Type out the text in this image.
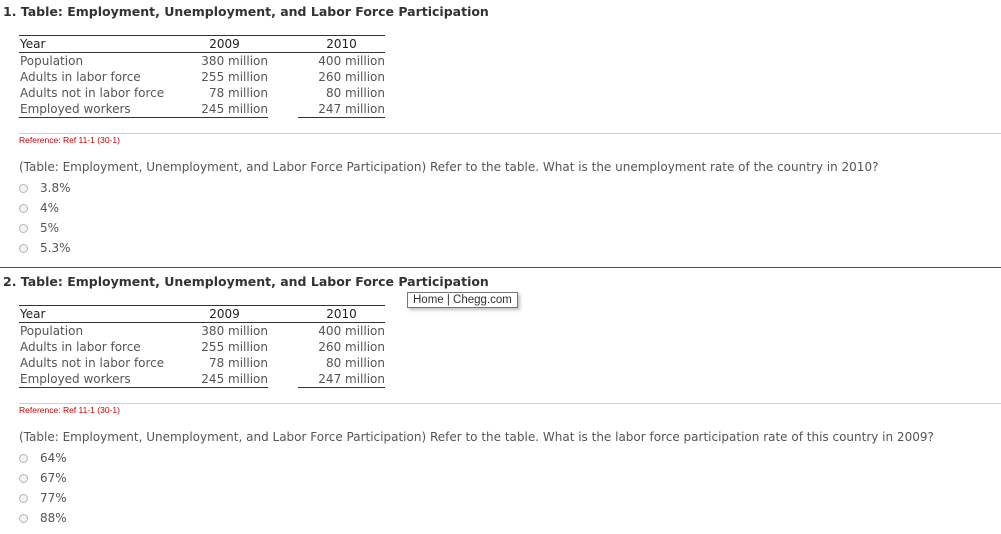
1. Table: Employment, Unemployment, and Labor Force Participation
Year	2009		2010
Population	380 million		400 million
Adults in labor force	255 million		260 million
Adults not in labor force	78 million		80 million
Employed workers	245 million		247 million
Reference: Ref 11-1 (30-1)
(Table: Employment, Unemployment, and Labor Force Participation) Refer to the table. What is the unemployment rate of the country in 2010?
3.8%
4%
5%
5.3%
2. Table: Employment, Unemployment, and Labor Force Participation
Year	2009		2010
Population	380 million		400 million
Adults in labor force	255 million		260 million
Adults not in labor force	78 million		80 million
Employed workers	245 million		247 million
Home | Chegg.com
Reference: Ref 11-1 (30-1)
(Table: Employment, Unemployment, and Labor Force Participation) Refer to the table. What is the labor force participation rate of this country in 2009?
64%
67%
77%
88%
